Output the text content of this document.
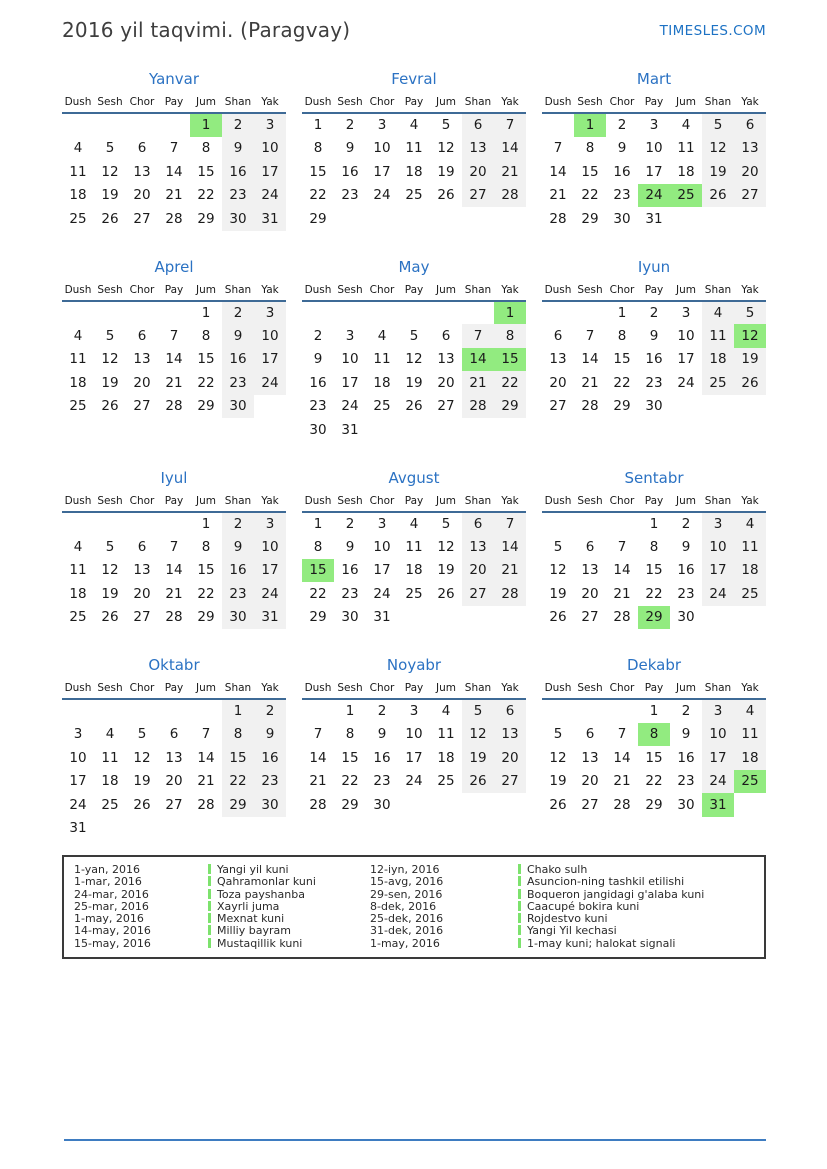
2016 yil taqvimi. (Paragvay)	TIMESLES.COM
Yanvar
Dush	Sesh	Chor	Pay	Jum	Shan	Yak
				1	2	3
4	5	6	7	8	9	10
11	12	13	14	15	16	17
18	19	20	21	22	23	24
25	26	27	28	29	30	31
Fevral
Dush	Sesh	Chor	Pay	Jum	Shan	Yak
1	2	3	4	5	6	7
8	9	10	11	12	13	14
15	16	17	18	19	20	21
22	23	24	25	26	27	28
29						
Mart
Dush	Sesh	Chor	Pay	Jum	Shan	Yak
	1	2	3	4	5	6
7	8	9	10	11	12	13
14	15	16	17	18	19	20
21	22	23	24	25	26	27
28	29	30	31			
Aprel
Dush	Sesh	Chor	Pay	Jum	Shan	Yak
				1	2	3
4	5	6	7	8	9	10
11	12	13	14	15	16	17
18	19	20	21	22	23	24
25	26	27	28	29	30	
May
Dush	Sesh	Chor	Pay	Jum	Shan	Yak
						1
2	3	4	5	6	7	8
9	10	11	12	13	14	15
16	17	18	19	20	21	22
23	24	25	26	27	28	29
30	31					
Iyun
Dush	Sesh	Chor	Pay	Jum	Shan	Yak
		1	2	3	4	5
6	7	8	9	10	11	12
13	14	15	16	17	18	19
20	21	22	23	24	25	26
27	28	29	30			
Iyul
Dush	Sesh	Chor	Pay	Jum	Shan	Yak
				1	2	3
4	5	6	7	8	9	10
11	12	13	14	15	16	17
18	19	20	21	22	23	24
25	26	27	28	29	30	31
Avgust
Dush	Sesh	Chor	Pay	Jum	Shan	Yak
1	2	3	4	5	6	7
8	9	10	11	12	13	14
15	16	17	18	19	20	21
22	23	24	25	26	27	28
29	30	31				
Sentabr
Dush	Sesh	Chor	Pay	Jum	Shan	Yak
			1	2	3	4
5	6	7	8	9	10	11
12	13	14	15	16	17	18
19	20	21	22	23	24	25
26	27	28	29	30		
Oktabr
Dush	Sesh	Chor	Pay	Jum	Shan	Yak
					1	2
3	4	5	6	7	8	9
10	11	12	13	14	15	16
17	18	19	20	21	22	23
24	25	26	27	28	29	30
31						
Noyabr
Dush	Sesh	Chor	Pay	Jum	Shan	Yak
	1	2	3	4	5	6
7	8	9	10	11	12	13
14	15	16	17	18	19	20
21	22	23	24	25	26	27
28	29	30				
Dekabr
Dush	Sesh	Chor	Pay	Jum	Shan	Yak
			1	2	3	4
5	6	7	8	9	10	11
12	13	14	15	16	17	18
19	20	21	22	23	24	25
26	27	28	29	30	31	
1-yan, 2016	Yangi yil kuni	12-iyn, 2016	Chako sulh
1-mar, 2016	Qahramonlar kuni	15-avg, 2016	Asuncion-ning tashkil etilishi
24-mar, 2016	Toza payshanba	29-sen, 2016	Boqueron jangidagi g'alaba kuni
25-mar, 2016	Xayrli juma	8-dek, 2016	Caacupé bokira kuni
1-may, 2016	Mexnat kuni	25-dek, 2016	Rojdestvo kuni
14-may, 2016	Milliy bayram	31-dek, 2016	Yangi Yil kechasi
15-may, 2016	Mustaqillik kuni	1-may, 2016	1-may kuni; halokat signali
